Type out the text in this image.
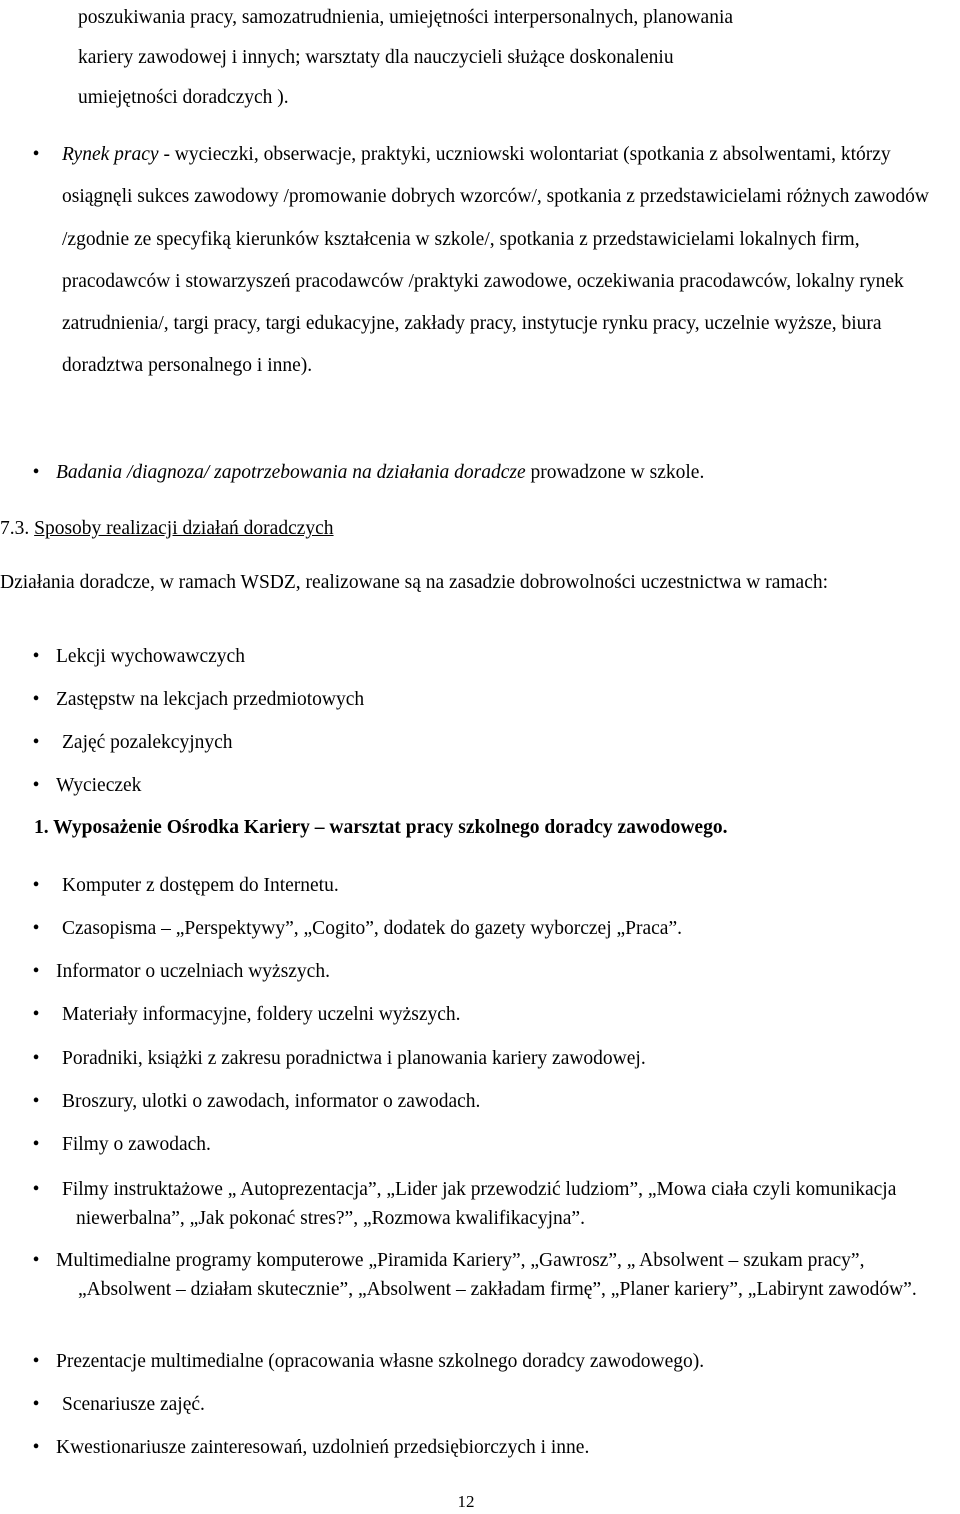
poszukiwania pracy, samozatrudnienia, umiejętności interpersonalnych, planowania
kariery zawodowej i innych; warsztaty dla nauczycieli służące doskonaleniu
umiejętności doradczych ).
• Rynek pracy - wycieczki, obserwacje, praktyki, uczniowski wolontariat (spotkania z absolwentami, którzy osiągnęli sukces zawodowy /promowanie dobrych wzorców/, spotkania z przedstawicielami różnych zawodów /zgodnie ze specyfiką kierunków kształcenia w szkole/, spotkania z przedstawicielami lokalnych firm, pracodawców i stowarzyszeń pracodawców /praktyki zawodowe, oczekiwania pracodawców, lokalny rynek zatrudnienia/, targi pracy, targi edukacyjne, zakłady pracy, instytucje rynku pracy, uczelnie wyższe, biura doradztwa personalnego i inne).
• Badania /diagnoza/ zapotrzebowania na działania doradcze prowadzone w szkole.
7.3. Sposoby realizacji działań doradczych
Działania doradcze, w ramach WSDZ, realizowane są na zasadzie dobrowolności uczestnictwa w ramach:
• Lekcji wychowawczych
• Zastępstw na lekcjach przedmiotowych
• Zajęć pozalekcyjnych
• Wycieczek
1. Wyposażenie Ośrodka Kariery – warsztat pracy szkolnego doradcy zawodowego.
• Komputer z dostępem do Internetu.
• Czasopisma – „Perspektywy”, „Cogito”, dodatek do gazety wyborczej „Praca”.
• Informator o uczelniach wyższych.
• Materiały informacyjne, foldery uczelni wyższych.
• Poradniki, książki z zakresu poradnictwa i planowania kariery zawodowej.
• Broszury, ulotki o zawodach, informator o zawodach.
• Filmy o zawodach.
• Filmy instruktażowe „ Autoprezentacja”, „Lider jak przewodzić ludziom”, „Mowa ciała czyli komunikacja niewerbalna”, „Jak pokonać stres?”, „Rozmowa kwalifikacyjna”.
• Multimedialne programy komputerowe „Piramida Kariery”, „Gawrosz”, „ Absolwent – szukam pracy”, „Absolwent – działam skutecznie”, „Absolwent – zakładam firmę”, „Planer kariery”, „Labirynt zawodów”.
• Prezentacje multimedialne (opracowania własne szkolnego doradcy zawodowego).
• Scenariusze zajęć.
• Kwestionariusze zainteresowań, uzdolnień przedsiębiorczych i inne.
12
